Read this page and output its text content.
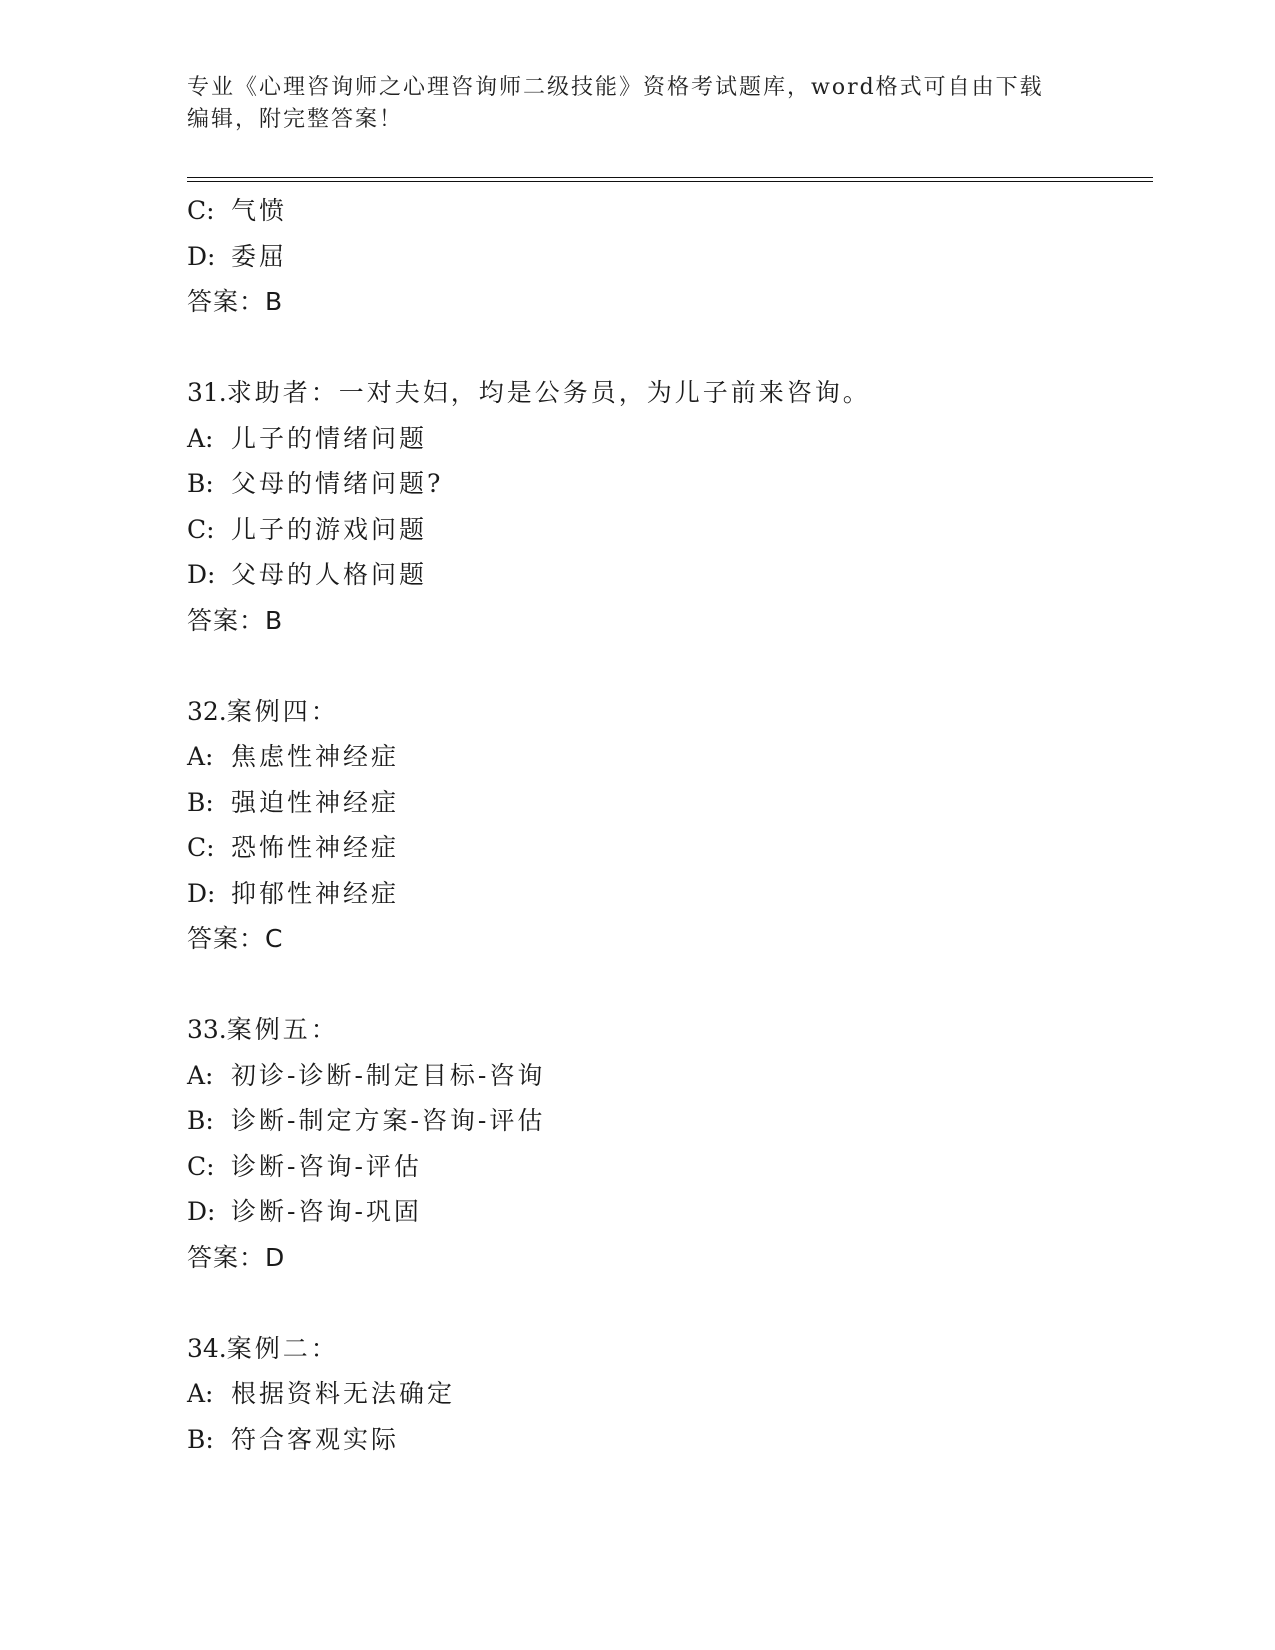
专业《心理咨询师之心理咨询师二级技能》资格考试题库，word格式可自由下载
编辑，附完整答案！
C: 气愤
D: 委屈
答案：B
31.求助者：一对夫妇，均是公务员，为儿子前来咨询。
A: 儿子的情绪问题
B: 父母的情绪问题?
C: 儿子的游戏问题
D: 父母的人格问题
答案：B
32.案例四：
A: 焦虑性神经症
B: 强迫性神经症
C: 恐怖性神经症
D: 抑郁性神经症
答案：C
33.案例五：
A: 初诊-诊断-制定目标-咨询
B: 诊断-制定方案-咨询-评估
C: 诊断-咨询-评估
D: 诊断-咨询-巩固
答案：D
34.案例二：
A: 根据资料无法确定
B: 符合客观实际
